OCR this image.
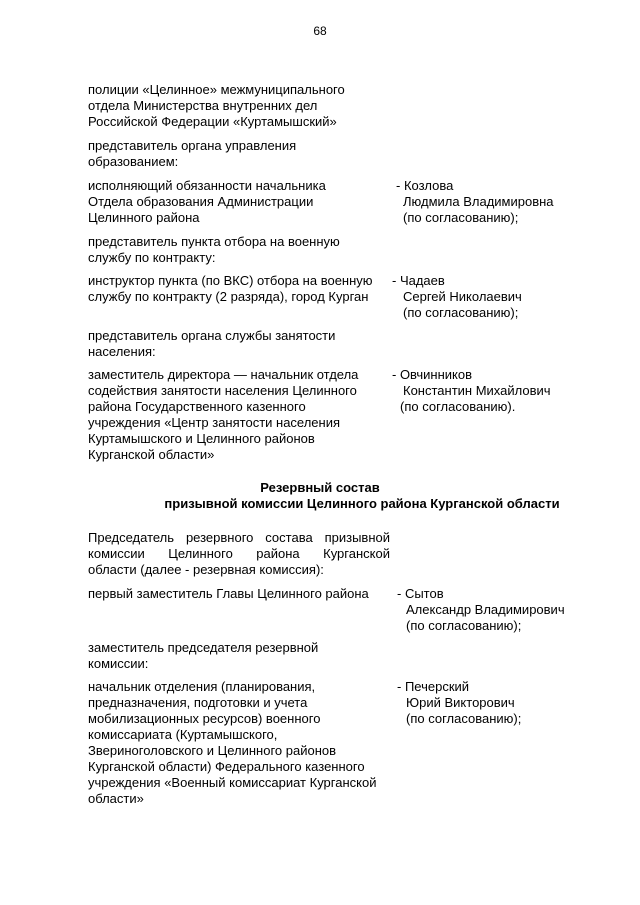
68
полиции «Целинное» межмуниципального
отдела Министерства внутренних дел
Российской Федерации «Куртамышский»
представитель органа управления
образованием:
исполняющий обязанности начальника
Отдела образования Администрации
Целинного района
- Козлова
Людмила Владимировна
(по согласованию);
представитель пункта отбора на военную
службу по контракту:
инструктор пункта (по ВКС) отбора на военную
службу по контракту (2 разряда), город Курган
- Чадаев
Сергей Николаевич
(по согласованию);
представитель органа службы занятости
населения:
заместитель директора — начальник отдела
содействия занятости населения Целинного
района Государственного казенного
учреждения «Центр занятости населения
Куртамышского и Целинного районов
Курганской области»
- Овчинников
Константин Михайлович
(по согласованию).
Резервный состав
призывной комиссии Целинного района Курганской области
Председатель резервного состава призывной
комиссии Целинного района Курганской
области (далее - резервная комиссия):
первый заместитель Главы Целинного района - Сытов
Александр Владимирович
(по согласованию);
заместитель председателя резервной
комиссии:
начальник отделения (планирования,
предназначения, подготовки и учета
мобилизационных ресурсов) военного
комиссариата (Куртамышского,
Звериноголовского и Целинного районов
Курганской области) Федерального казенного
учреждения «Военный комиссариат Курганской
области»
- Печерский
Юрий Викторович
(по согласованию);
